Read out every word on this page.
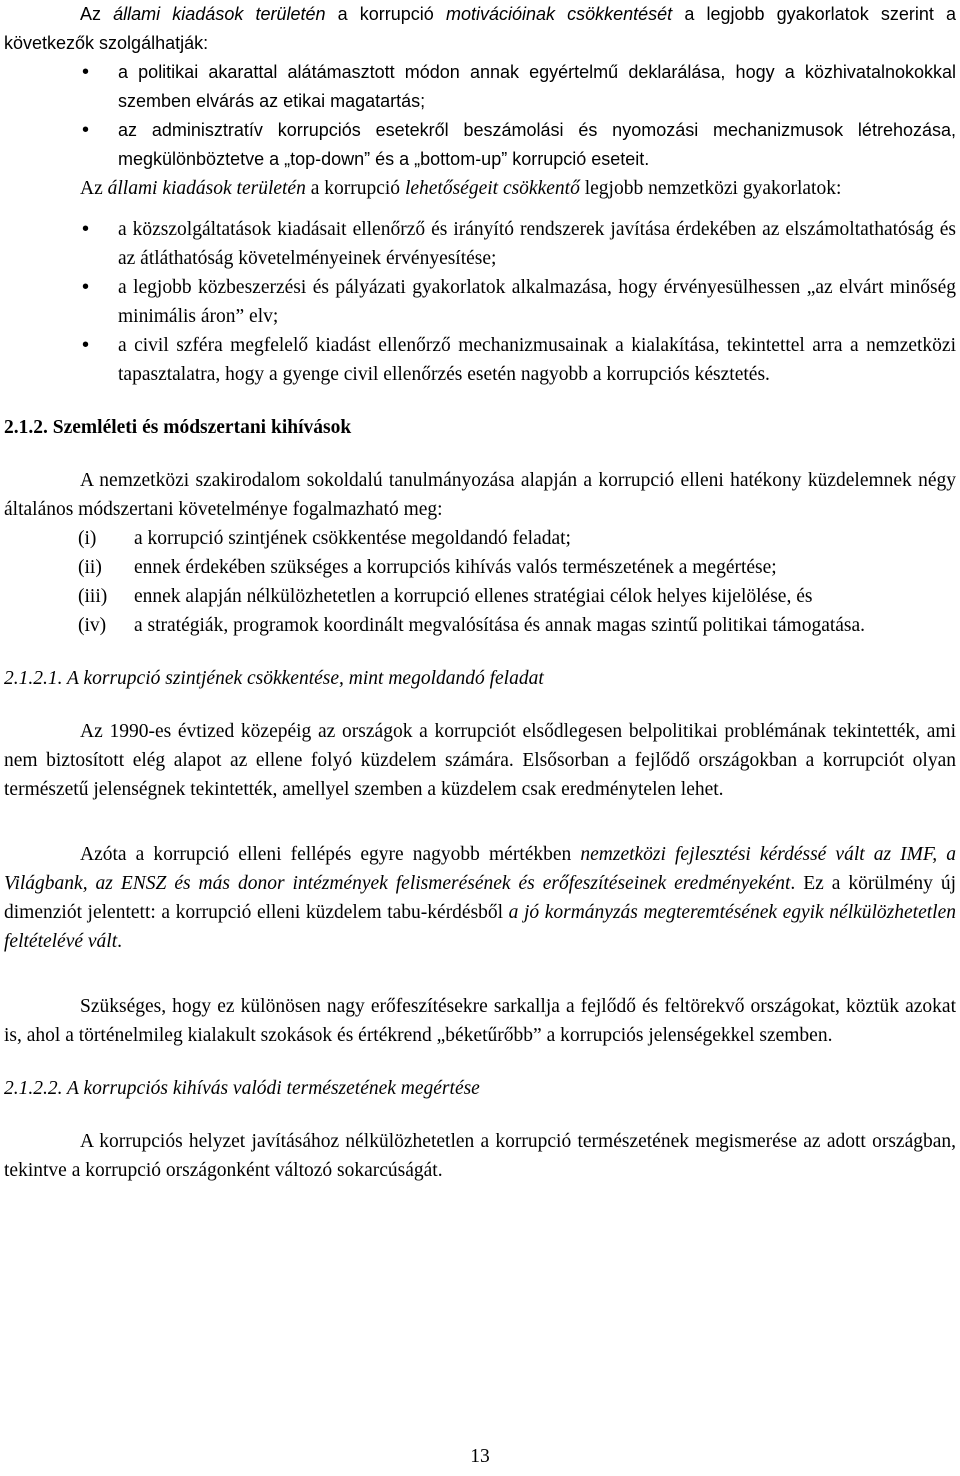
Az állami kiadások területén a korrupció motivációinak csökkentését a legjobb gyakorlatok szerint a következők szolgálhatják:

• a politikai akarattal alátámasztott módon annak egyértelmű deklarálása, hogy a közhivatalnokokkal szemben elvárás az etikai magatartás;
• az adminisztratív korrupciós esetekről beszámolási és nyomozási mechanizmusok létrehozása, megkülönböztetve a „top-down” és a „bottom-up” korrupció eseteit.

Az állami kiadások területén a korrupció lehetőségeit csökkentő legjobb nemzetközi gyakorlatok:

• a közszolgáltatások kiadásait ellenőrző és irányító rendszerek javítása érdekében az elszámoltathatóság és az átláthatóság követelményeinek érvényesítése;
• a legjobb közbeszerzési és pályázati gyakorlatok alkalmazása, hogy érvényesülhessen „az elvárt minőség minimális áron” elv;
• a civil szféra megfelelő kiadást ellenőrző mechanizmusainak a kialakítása, tekintettel arra a nemzetközi tapasztalatra, hogy a gyenge civil ellenőrzés esetén nagyobb a korrupciós késztetés.
2.1.2. Szemléleti és módszertani kihívások

A nemzetközi szakirodalom sokoldalú tanulmányozása alapján a korrupció elleni hatékony küzdelemnek négy általános módszertani követelménye fogalmazható meg:

(i) a korrupció szintjének csökkentése megoldandó feladat;
(ii) ennek érdekében szükséges a korrupciós kihívás valós természetének a megértése;
(iii) ennek alapján nélkülözhetetlen a korrupció ellenes stratégiai célok helyes kijelölése, és
(iv) a stratégiák, programok koordinált megvalósítása és annak magas szintű politikai támogatása.
2.1.2.1. A korrupció szintjének csökkentése, mint megoldandó feladat

Az 1990-es évtized közepéig az országok a korrupciót elsődlegesen belpolitikai problémának tekintették, ami nem biztosított elég alapot az ellene folyó küzdelem számára. Elsősorban a fejlődő országokban a korrupciót olyan természetű jelenségnek tekintették, amellyel szemben a küzdelem csak eredménytelen lehet.

Azóta a korrupció elleni fellépés egyre nagyobb mértékben nemzetközi fejlesztési kérdéssé vált az IMF, a Világbank, az ENSZ és más donor intézmények felismerésének és erőfeszítéseinek eredményeként. Ez a körülmény új dimenziót jelentett: a korrupció elleni küzdelem tabu-kérdésből a jó kormányzás megteremtésének egyik nélkülözhetetlen feltételévé vált.

Szükséges, hogy ez különösen nagy erőfeszítésekre sarkallja a fejlődő és feltörekvő országokat, köztük azokat is, ahol a történelmileg kialakult szokások és értékrend „béketűrőbb” a korrupciós jelenségekkel szemben.

2.1.2.2. A korrupciós kihívás valódi természetének megértése

A korrupciós helyzet javításához nélkülözhetetlen a korrupció természetének megismerése az adott országban, tekintve a korrupció országonként változó sokarcúságát.

13
